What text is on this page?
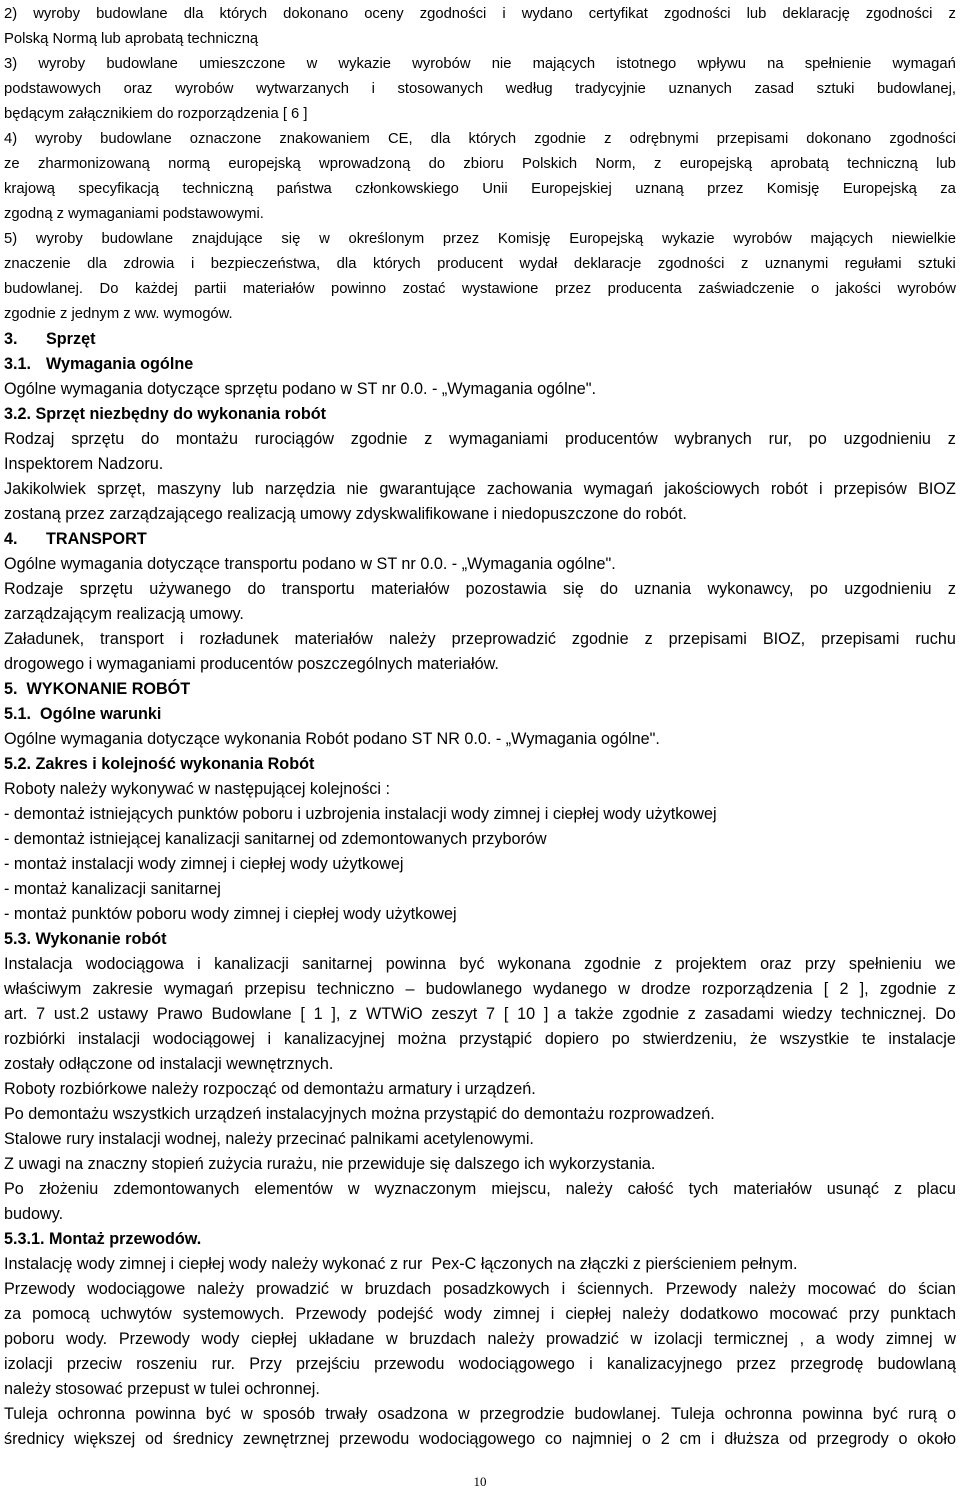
2) wyroby budowlane dla których dokonano oceny zgodności i wydano certyfikat zgodności lub deklarację zgodności z
Polską Normą lub aprobatą techniczną
3) wyroby budowlane umieszczone w wykazie wyrobów nie mających istotnego wpływu na spełnienie wymagań
podstawowych oraz wyrobów wytwarzanych i stosowanych według tradycyjnie uznanych zasad sztuki budowlanej,
będącym załącznikiem do rozporządzenia [ 6 ]
4) wyroby budowlane oznaczone znakowaniem CE, dla których zgodnie z odrębnymi przepisami dokonano zgodności
ze zharmonizowaną normą europejską wprowadzoną do zbioru Polskich Norm, z europejską aprobatą techniczną lub
krajową specyfikacją techniczną państwa członkowskiego Unii Europejskiej uznaną przez Komisję Europejską za
zgodną z wymaganiami podstawowymi.
5) wyroby budowlane znajdujące się w określonym przez Komisję Europejską wykazie wyrobów mających niewielkie
znaczenie dla zdrowia i bezpieczeństwa, dla których producent wydał deklaracje zgodności z uznanymi regułami sztuki
budowlanej. Do każdej partii materiałów powinno zostać wystawione przez producenta zaświadczenie o jakości wyrobów
zgodnie z jednym z ww. wymogów.
3.	Sprzęt
3.1. Wymagania ogólne
Ogólne wymagania dotyczące sprzętu podano w ST nr 0.0. - „Wymagania ogólne".
3.2. Sprzęt niezbędny do wykonania robót
Rodzaj sprzętu do montażu rurociągów zgodnie z wymaganiami producentów wybranych rur, po uzgodnieniu z
Inspektorem Nadzoru.
Jakikolwiek sprzęt, maszyny lub narzędzia nie gwarantujące zachowania wymagań jakościowych robót i przepisów BIOZ
zostaną przez zarządzającego realizacją umowy zdyskwalifikowane i niedopuszczone do robót.
4.	TRANSPORT
Ogólne wymagania dotyczące transportu podano w ST nr 0.0. - „Wymagania ogólne".
Rodzaje sprzętu używanego do transportu materiałów pozostawia się do uznania wykonawcy, po uzgodnieniu z
zarządzającym realizacją umowy.
Załadunek, transport i rozładunek materiałów należy przeprowadzić zgodnie z przepisami BIOZ, przepisami ruchu
drogowego i wymaganiami producentów poszczególnych materiałów.
5.  WYKONANIE ROBÓT
5.1.  Ogólne warunki
Ogólne wymagania dotyczące wykonania Robót podano ST NR 0.0. - „Wymagania ogólne".
5.2. Zakres i kolejność wykonania Robót
Roboty należy wykonywać w następującej kolejności :
- demontaż istniejących punktów poboru i uzbrojenia instalacji wody zimnej i ciepłej wody użytkowej
- demontaż istniejącej kanalizacji sanitarnej od zdemontowanych przyborów
- montaż instalacji wody zimnej i ciepłej wody użytkowej
- montaż kanalizacji sanitarnej
- montaż punktów poboru wody zimnej i ciepłej wody użytkowej
5.3. Wykonanie robót
Instalacja wodociągowa i kanalizacji sanitarnej powinna być wykonana zgodnie z projektem oraz przy spełnieniu we
właściwym zakresie wymagań przepisu techniczno – budowlanego wydanego w drodze rozporządzenia [ 2 ], zgodnie z
art. 7 ust.2 ustawy Prawo Budowlane [ 1 ], z WTWiO zeszyt 7 [ 10 ] a także zgodnie z zasadami wiedzy technicznej. Do
rozbiórki instalacji wodociągowej i kanalizacyjnej można przystąpić dopiero po stwierdzeniu, że wszystkie te instalacje
zostały odłączone od instalacji wewnętrznych.
Roboty rozbiórkowe należy rozpocząć od demontażu armatury i urządzeń.
Po demontażu wszystkich urządzeń instalacyjnych można przystąpić do demontażu rozprowadzeń.
Stalowe rury instalacji wodnej, należy przecinać palnikami acetylenowymi.
Z uwagi na znaczny stopień zużycia rurażu, nie przewiduje się dalszego ich wykorzystania.
Po złożeniu zdemontowanych elementów w wyznaczonym miejscu, należy całość tych materiałów usunąć z placu
budowy.
5.3.1. Montaż przewodów.
Instalację wody zimnej i ciepłej wody należy wykonać z rur  Pex-C łączonych na złączki z pierścieniem pełnym.
Przewody wodociągowe należy prowadzić w bruzdach posadzkowych i ściennych. Przewody należy mocować do ścian
za pomocą uchwytów systemowych. Przewody podejść wody zimnej i ciepłej należy dodatkowo mocować przy punktach
poboru wody. Przewody wody ciepłej układane w bruzdach należy prowadzić w izolacji termicznej , a wody zimnej w
izolacji przeciw roszeniu rur. Przy przejściu przewodu wodociągowego i kanalizacyjnego przez przegrodę budowlaną
należy stosować przepust w tulei ochronnej.
Tuleja ochronna powinna być w sposób trwały osadzona w przegrodzie budowlanej. Tuleja ochronna powinna być rurą o
średnicy większej od średnicy zewnętrznej przewodu wodociągowego co najmniej o 2 cm i dłuższa od przegrody o około
10
